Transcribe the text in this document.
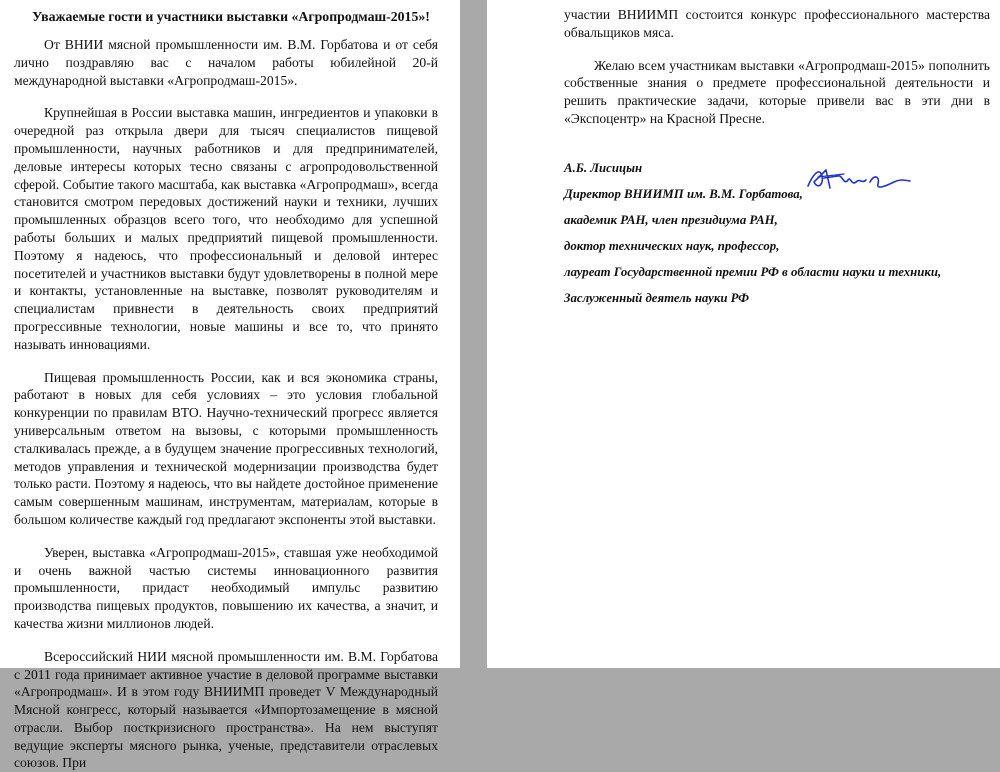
Уважаемые гости и участники выставки «Агропродмаш-2015»!

От ВНИИ мясной промышленности им. В.М. Горбатова и от себя лично поздравляю вас с началом работы юбилейной 20-й международной выставки «Агропродмаш-2015».

Крупнейшая в России выставка машин, ингредиентов и упаковки в очередной раз открыла двери для тысяч специалистов пищевой промышленности, научных работников и для предпринимателей, деловые интересы которых тесно связаны с агропродовольственной сферой. Событие такого масштаба, как выставка «Агропродмаш», всегда становится смотром передовых достижений науки и техники, лучших промышленных образцов всего того, что необходимо для успешной работы больших и малых предприятий пищевой промышленности. Поэтому я надеюсь, что профессиональный и деловой интерес посетителей и участников выставки будут удовлетворены в полной мере и контакты, установленные на выставке, позволят руководителям и специалистам привнести в деятельность своих предприятий прогрессивные технологии, новые машины и все то, что принято называть инновациями.

Пищевая промышленность России, как и вся экономика страны, работают в новых для себя условиях – это условия глобальной конкуренции по правилам ВТО. Научно-технический прогресс является универсальным ответом на вызовы, с которыми промышленность сталкивалась прежде, а в будущем значение прогрессивных технологий, методов управления и технической модернизации производства будет только расти. Поэтому я надеюсь, что вы найдете достойное применение самым совершенным машинам, инструментам, материалам, которые в большом количестве каждый год предлагают экспоненты этой выставки.

Уверен, выставка «Агропродмаш-2015», ставшая уже необходимой и очень важной частью системы инновационного развития промышленности, придаст необходимый импульс развитию производства пищевых продуктов, повышению их качества, а значит, и качества жизни миллионов людей.

Всероссийский НИИ мясной промышленности им. В.М. Горбатова с 2011 года принимает активное участие в деловой программе выставки «Агропродмаш». И в этом году ВНИИМП проведет V Международный Мясной конгресс, который называется «Импортозамещение в мясной отрасли. Выбор посткризисного пространства». На нем выступят ведущие эксперты мясного рынка, ученые, представители отраслевых союзов. При

участии ВНИИМП состоится конкурс профессионального мастерства обвальщиков мяса.

Желаю всем участникам выставки «Агропродмаш-2015» пополнить собственные знания о предмете профессиональной деятельности и решить практические задачи, которые привели вас в эти дни в «Экспоцентр» на Красной Пресне.

А.Б. Лисицын

Директор ВНИИМП им. В.М. Горбатова,

академик РАН, член президиума РАН,

доктор технических наук, профессор,

лауреат Государственной премии РФ в области науки и техники,

Заслуженный деятель науки РФ
